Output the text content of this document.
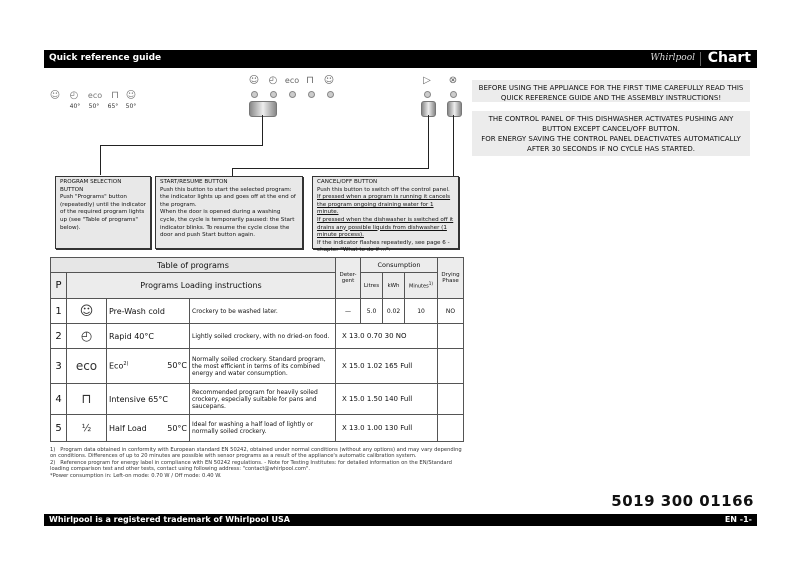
Quick reference guide	Whirlpool Chart
☺ ◴	eco ⊓ ☺
40°	50°	65°	50°
☺ ◴ eco ⊓ ☺	▷	⊗
BEFORE USING THE APPLIANCE FOR THE FIRST TIME CAREFULLY READ THIS QUICK REFERENCE GUIDE AND THE ASSEMBLY INSTRUCTIONS!
THE CONTROL PANEL OF THIS DISHWASHER ACTIVATES PUSHING ANY BUTTON EXCEPT CANCEL/OFF BUTTON.
FOR ENERGY SAVING THE CONTROL PANEL DEACTIVATES AUTOMATICALLY AFTER 30 SECONDS IF NO CYCLE HAS STARTED.
PROGRAM SELECTION BUTTON
Push "Programs" button (repeatedly) until the indicator of the required program lights up (see "Table of programs" below).
START/RESUME BUTTON
Push this button to start the selected program: the indicator lights up and goes off at the end of the program.
When the door is opened during a washing cycle, the cycle is temporarily paused: the Start indicator blinks. To resume the cycle close the door and push Start button again.
CANCEL/OFF BUTTON
Push this button to switch off the control panel.
If pressed when a program is running it cancels the program ongoing draining water for 1 minute.
If pressed when the dishwasher is switched off it drains any possible liquids from dishwasher (1 minute process).
If the indicator flashes repeatedly, see page 6 - chapter "What to do if ...".
Table of programs				Deter-gent	Consumption			Drying Phase
P	Programs Loading instructions				Litres	kWh	Minutes$^{1)}$
1	☺	Pre-Wash cold	Crockery to be washed later.	—	5.0	0.02	10	NO
2	◴	Rapid 40°C	Lightly soiled crockery, with no dried-on food.	X 13.0 0.70 30 NO				
3	eco	Eco$^{2)}$ 50°C	Normally soiled crockery. Standard program, the most efficient in terms of its combined energy and water consumption.	X 15.0 1.02 165 Full				
4	⊓	Intensive 65°C	Recommended program for heavily soiled crockery, especially suitable for pans and saucepans.	X 15.0 1.50 140 Full				
5	½	Half Load 50°C	Ideal for washing a half load of lightly or normally soiled crockery.	X 13.0 1.00 130 Full				
1) Program data obtained in conformity with European standard EN 50242, obtained under normal conditions (without any options) and may vary depending on conditions. Differences of up to 20 minutes are possible with sensor programs as a result of the appliance's automatic calibration system.
2) Reference program for energy label in compliance with EN 50242 regulations. - Note for Testing Institutes: for detailed information on the EN/Standard loading comparison test and other tests, contact using following address: "contact@whirlpool.com".
*Power consumption in: Left-on mode: 0.70 W / Off mode: 0.40 W.
5019 300 01166
Whirlpool is a registered trademark of Whirlpool USA	EN -1-
